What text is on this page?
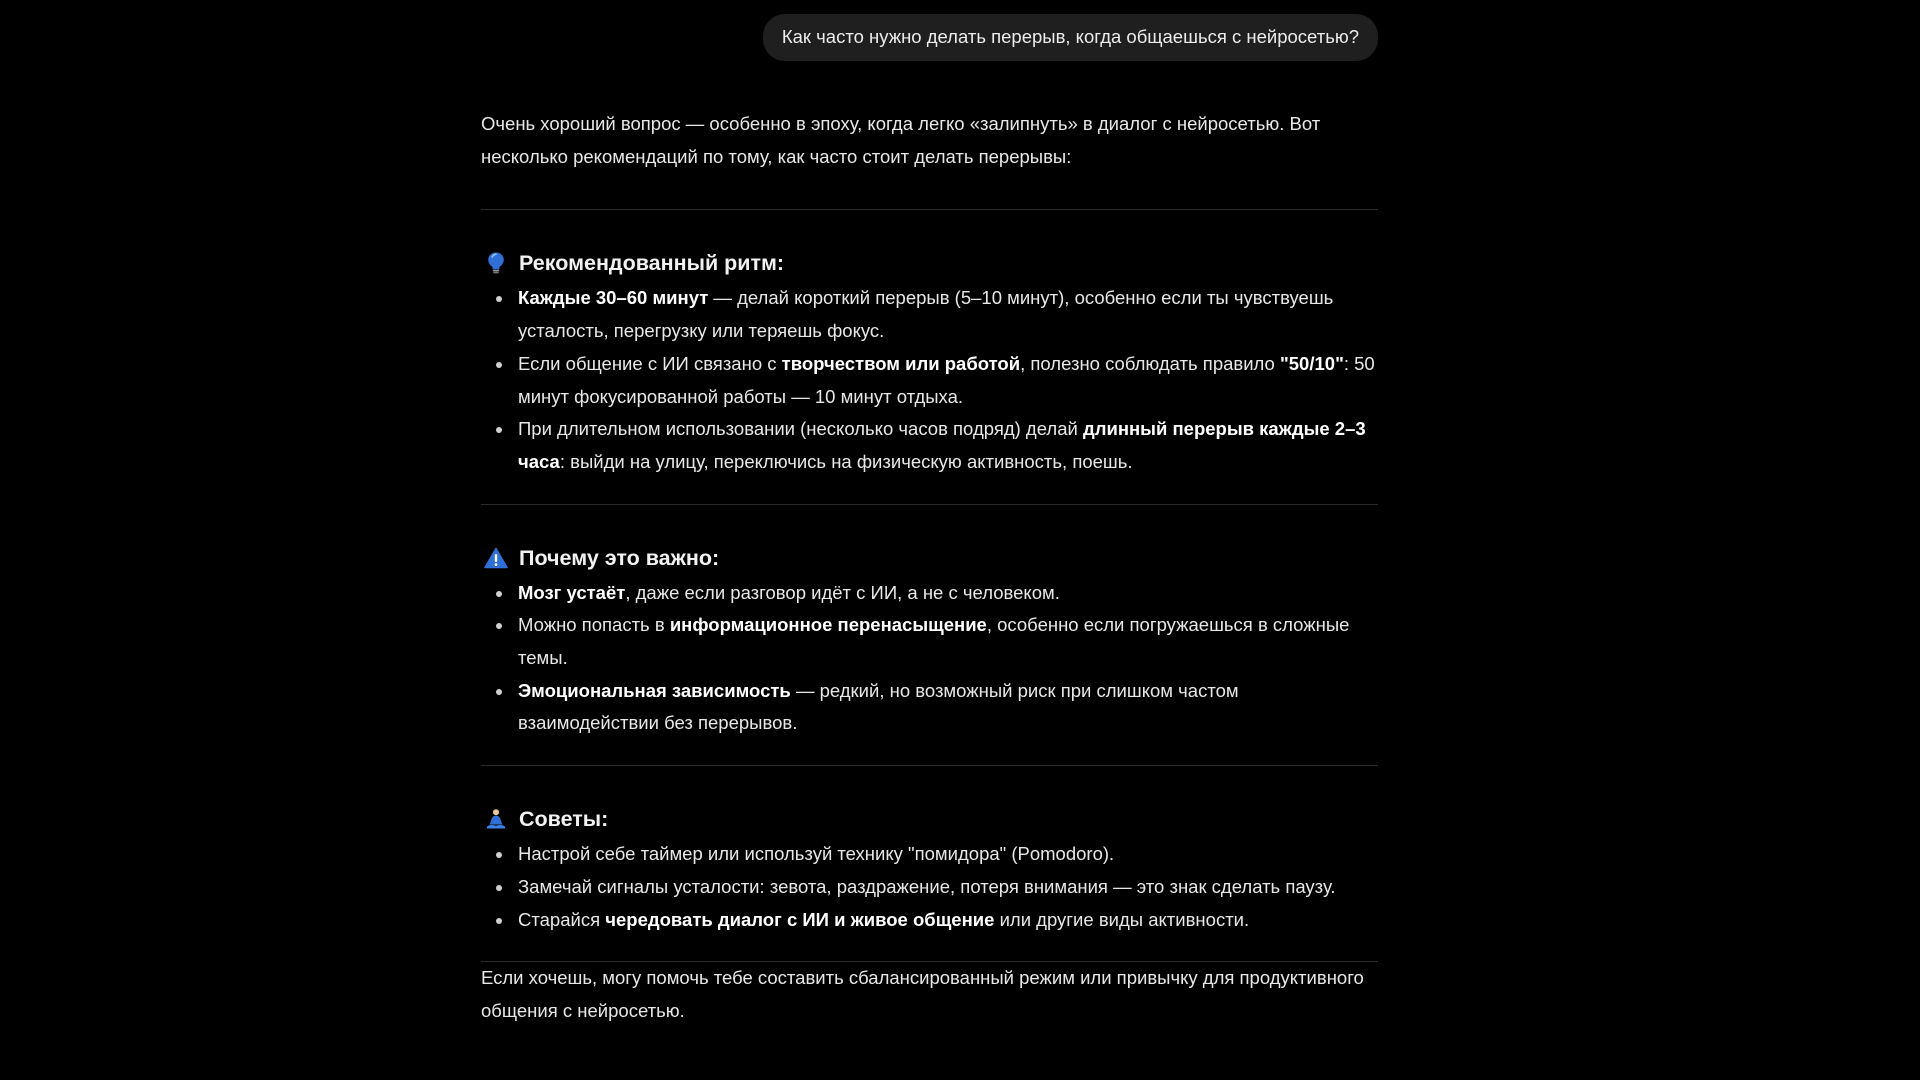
Как часто нужно делать перерыв, когда общаешься с нейросетью?

Очень хороший вопрос — особенно в эпоху, когда легко «залипнуть» в диалог с нейросетью. Вот несколько рекомендаций по тому, как часто стоит делать перерывы:

Рекомендованный ритм:
Каждые 30–60 минут — делай короткий перерыв (5–10 минут), особенно если ты чувствуешь усталость, перегрузку или теряешь фокус.
Если общение с ИИ связано с творчеством или работой, полезно соблюдать правило "50/10": 50 минут фокусированной работы — 10 минут отдыха.
При длительном использовании (несколько часов подряд) делай длинный перерыв каждые 2–3 часа: выйди на улицу, переключись на физическую активность, поешь.
Почему это важно:
Мозг устаёт, даже если разговор идёт с ИИ, а не с человеком.
Можно попасть в информационное перенасыщение, особенно если погружаешься в сложные темы.
Эмоциональная зависимость — редкий, но возможный риск при слишком частом взаимодействии без перерывов.
Советы:
Настрой себе таймер или используй технику "помидора" (Pomodoro).
Замечай сигналы усталости: зевота, раздражение, потеря внимания — это знак сделать паузу.
Старайся чередовать диалог с ИИ и живое общение или другие виды активности.

Если хочешь, могу помочь тебе составить сбалансированный режим или привычку для продуктивного общения с нейросетью.
